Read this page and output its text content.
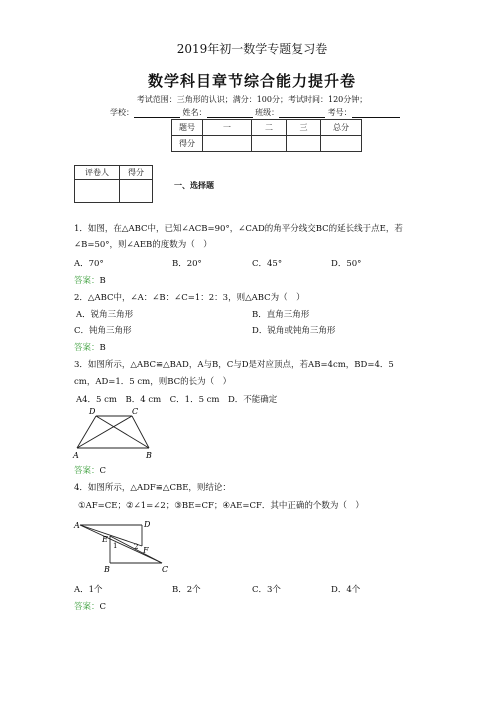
2019年初一数学专题复习卷
数学科目章节综合能力提升卷
考试范围：三角形的认识；满分：100分；考试时间：120分钟；
学校：	姓名：	班级：	考号：
题号	一	二	三	总分
得分				
评卷人	得分

一、选择题
1．如图，在△ABC中，已知∠ACB=90°，∠CAD的角平分线交BC的延长线于点E，若
∠B=50°，则∠AEB的度数为（　）
A．70°	B．20°	C．45°	D．50°
答案：B
2．△ABC中，∠A：∠B：∠C=1：2：3，则△ABC为（　）
A．锐角三角形	B．直角三角形
C．钝角三角形	D．锐角或钝角三角形
答案：B
3．如图所示，△ABC≌△BAD，A与B，C与D是对应顶点，若AB=4cm，BD=4．5
cm，AD=1．5 cm，则BC的长为（　）
A4．5 cm　B．4 cm　C．1．5 cm　D．不能确定
D	C
A	B
答案：C
4．如图所示，△ADF≌△CBE，则结论：
①AF=CE；②∠1=∠2；③BE=CF；④AE=CF．其中正确的个数为（　）
A	D
E
F
B	C
1 2
A．1个	B．2个	C．3个	D．4个
答案：C
